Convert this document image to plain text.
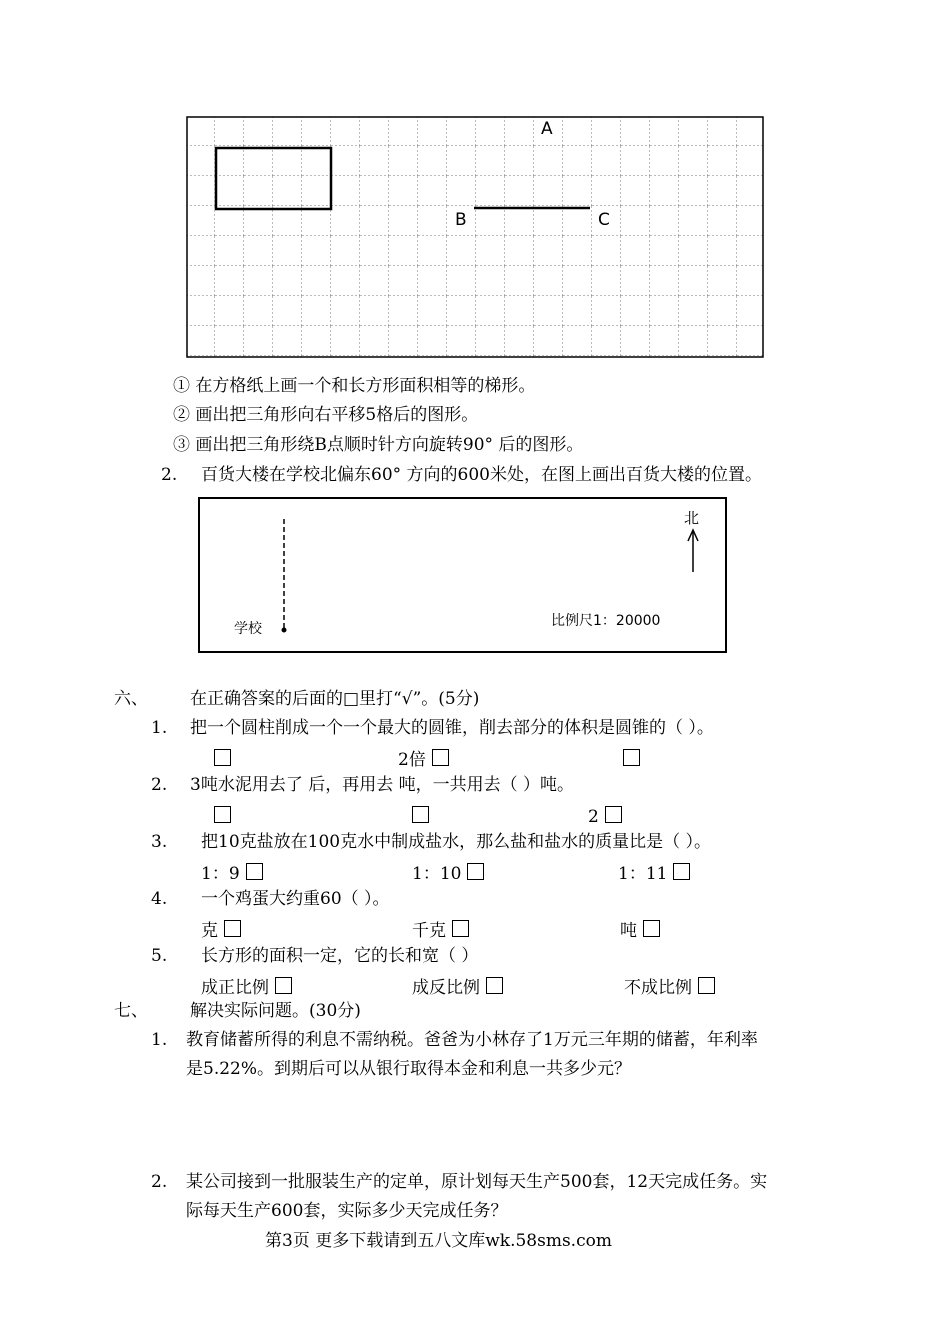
A
B	C
① 在方格纸上画一个和长方形面积相等的梯形。
② 画出把三角形向右平移5格后的图形。
③ 画出把三角形绕B点顺时针方向旋转90° 后的图形。
2. 百货大楼在学校北偏东60° 方向的600米处，在图上画出百货大楼的位置。
北
学校	比例尺1：20000
六、 在正确答案的后面的□里打“√”。(5分)
1. 把一个圆柱削成一个一个最大的圆锥，削去部分的体积是圆锥的（ ）。
2倍
2. 3吨水泥用去了 后，再用去 吨，一共用去（ ）吨。
2
3. 把10克盐放在100克水中制成盐水，那么盐和盐水的质量比是（ ）。
1：9	1：10	1：11
4. 一个鸡蛋大约重60（ ）。
克	千克	吨
5. 长方形的面积一定，它的长和宽（ ）
成正比例	成反比例	不成比例
七、 解决实际问题。(30分)
1. 教育储蓄所得的利息不需纳税。爸爸为小林存了1万元三年期的储蓄，年利率
是5.22%。到期后可以从银行取得本金和利息一共多少元？
2. 某公司接到一批服装生产的定单，原计划每天生产500套，12天完成任务。实
际每天生产600套，实际多少天完成任务？
第3页 更多下载请到五八文库wk.58sms.com
